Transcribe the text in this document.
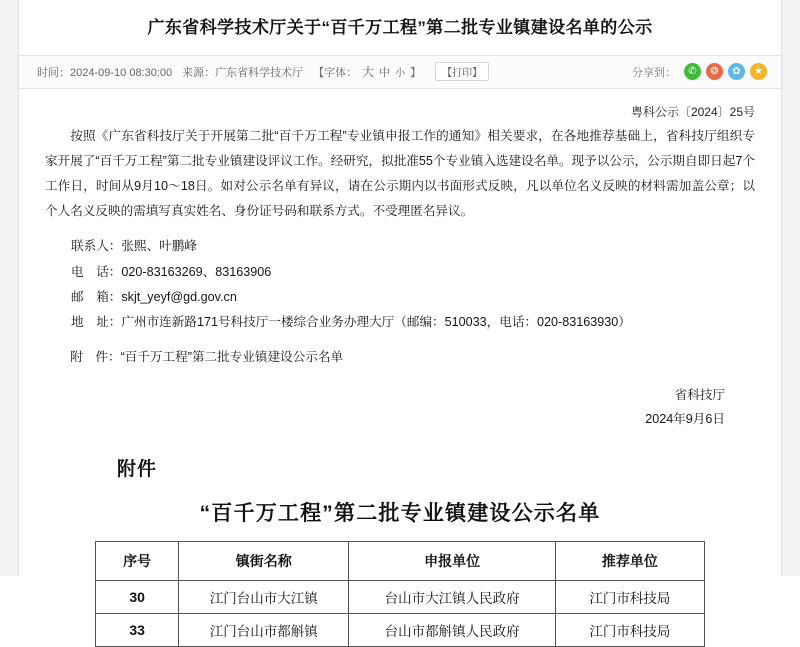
广东省科学技术厅关于“百千万工程”第二批专业镇建设名单的公示
时间：2024-09-10 08:30:00 来源：广东省科学技术厅 【字体： 大 中 小 】	【打印】	分享到：	✆	❂	✿	★
粤科公示〔2024〕25号

按照《广东省科技厅关于开展第二批“百千万工程”专业镇申报工作的通知》相关要求，在各地推荐基础上，省科技厅组织专家开展了“百千万工程”第二批专业镇建设评议工作。经研究，拟批准55个专业镇入选建设名单。现予以公示，公示期自即日起7个工作日，时间从9月10～18日。如对公示名单有异议，请在公示期内以书面形式反映，凡以单位名义反映的材料需加盖公章；以个人名义反映的需填写真实姓名、身份证号码和联系方式。不受理匿名异议。

联系人：张熙、叶鹏峰
电　话：020-83163269、83163906
邮　箱：skjt_yeyf@gd.gov.cn
地　址：广州市连新路171号科技厅一楼综合业务办理大厅（邮编：510033，电话：020-83163930）
附　件：“百千万工程”第二批专业镇建设公示名单
省科技厅
2024年9月6日
附件
“百千万工程”第二批专业镇建设公示名单
序号	镇街名称	申报单位	推荐单位
30	江门台山市大江镇	台山市大江镇人民政府	江门市科技局
33	江门台山市都斛镇	台山市都斛镇人民政府	江门市科技局
